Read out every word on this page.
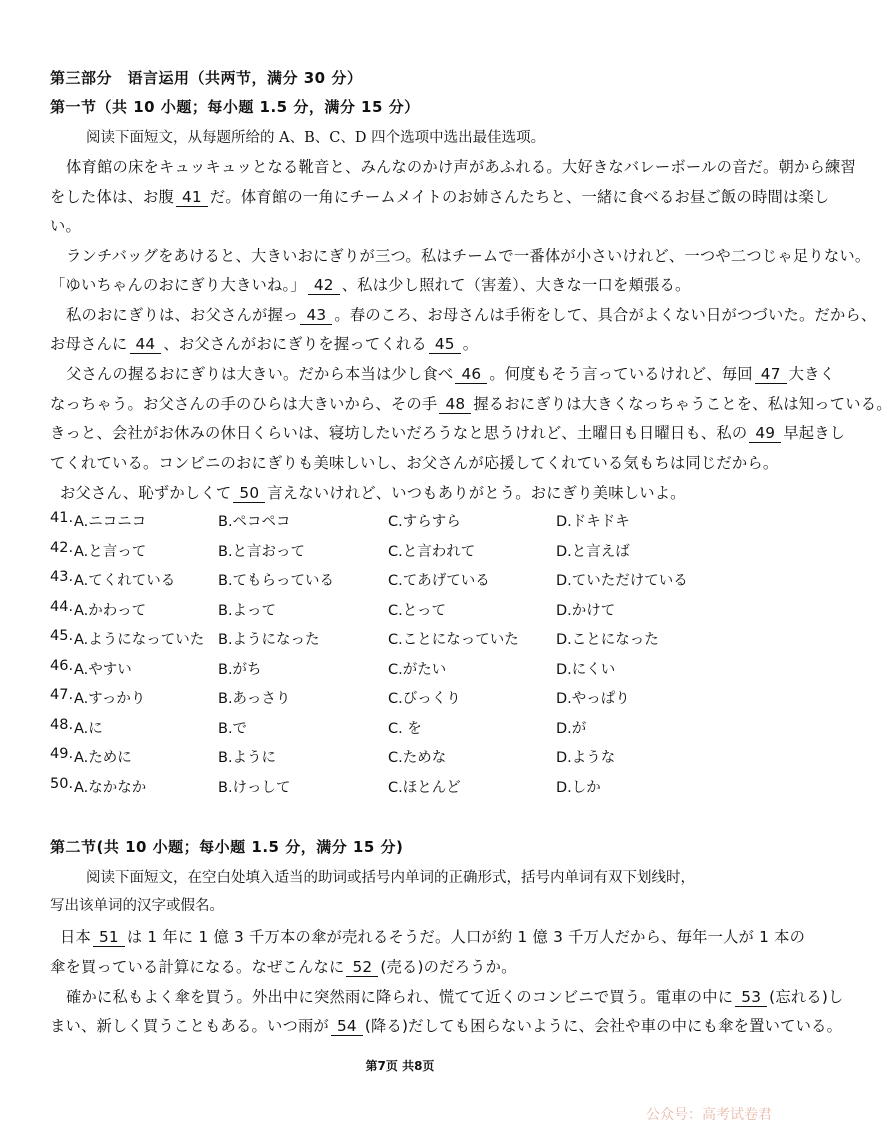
第三部分　语言运用（共两节，满分 30 分）
第一节（共 10 小题；每小题 1.5 分，满分 15 分）
阅读下面短文，从每题所给的 A、B、C、D 四个选项中选出最佳选项。
体育館の床をキュッキュッとなる靴音と、みんなのかけ声があふれる。大好きなバレーボールの音だ。朝から練習
をした体は、お腹 41 だ。体育館の一角にチームメイトのお姉さんたちと、一緒に食べるお昼ご飯の時間は楽し
い。
ランチバッグをあけると、大きいおにぎりが三つ。私はチームで一番体が小さいけれど、一つや二つじゃ足りない。
「ゆいちゃんのおにぎり大きいね。」 42 、私は少し照れて（害羞）、大きな一口を頬張る。
私のおにぎりは、お父さんが握っ 43 。春のころ、お母さんは手術をして、具合がよくない日がつづいた。だから、
お母さんに 44 、お父さんがおにぎりを握ってくれる 45 。
父さんの握るおにぎりは大きい。だから本当は少し食べ 46 。何度もそう言っているけれど、毎回 47 大きく
なっちゃう。お父さんの手のひらは大きいから、その手 48 握るおにぎりは大きくなっちゃうことを、私は知っている。
きっと、会社がお休みの休日くらいは、寝坊したいだろうなと思うけれど、土曜日も日曜日も、私の 49 早起きし
てくれている。コンビニのおにぎりも美味しいし、お父さんが応援してくれている気もちは同じだから。
お父さん、恥ずかしくて 50 言えないけれど、いつもありがとう。おにぎり美味しいよ。
41. A.ニコニコ	B.ペコペコ	C.すらすら	D.ドキドキ
42. A.と言って	B.と言おって	C.と言われて	D.と言えば
43. A.てくれている	B.てもらっている	C.てあげている	D.ていただけている
44. A.かわって	B.よって	C.とって	D.かけて
45. A.ようになっていた B.ようになった	C.ことになっていた	D.ことになった
46. A.やすい	B.がち	C.がたい	D.にくい
47. A.すっかり	B.あっさり	C.びっくり	D.やっぱり
48. A.に	B.で	C. を	D.が
49. A.ために	B.ように	C.ためな	D.ような
50. A.なかなか	B.けっして	C.ほとんど	D.しか
第二节(共 10 小题；每小题 1.5 分，满分 15 分)
阅读下面短文，在空白处填入适当的助词或括号内单词的正确形式，括号内单词有双下划线时，
写出该单词的汉字或假名。
日本 51 は 1 年に 1 億 3 千万本の傘が売れるそうだ。人口が約 1 億 3 千万人だから、毎年一人が 1 本の
傘を買っている計算になる。なぜこんなに 52 (売る)のだろうか。
確かに私もよく傘を買う。外出中に突然雨に降られ、慌てて近くのコンビニで買う。電車の中に 53 (忘れる)し
まい、新しく買うこともある。いつ雨が 54 (降る)だしても困らないように、会社や車の中にも傘を置いている。
第7页 共8页
公众号：高考试卷君
